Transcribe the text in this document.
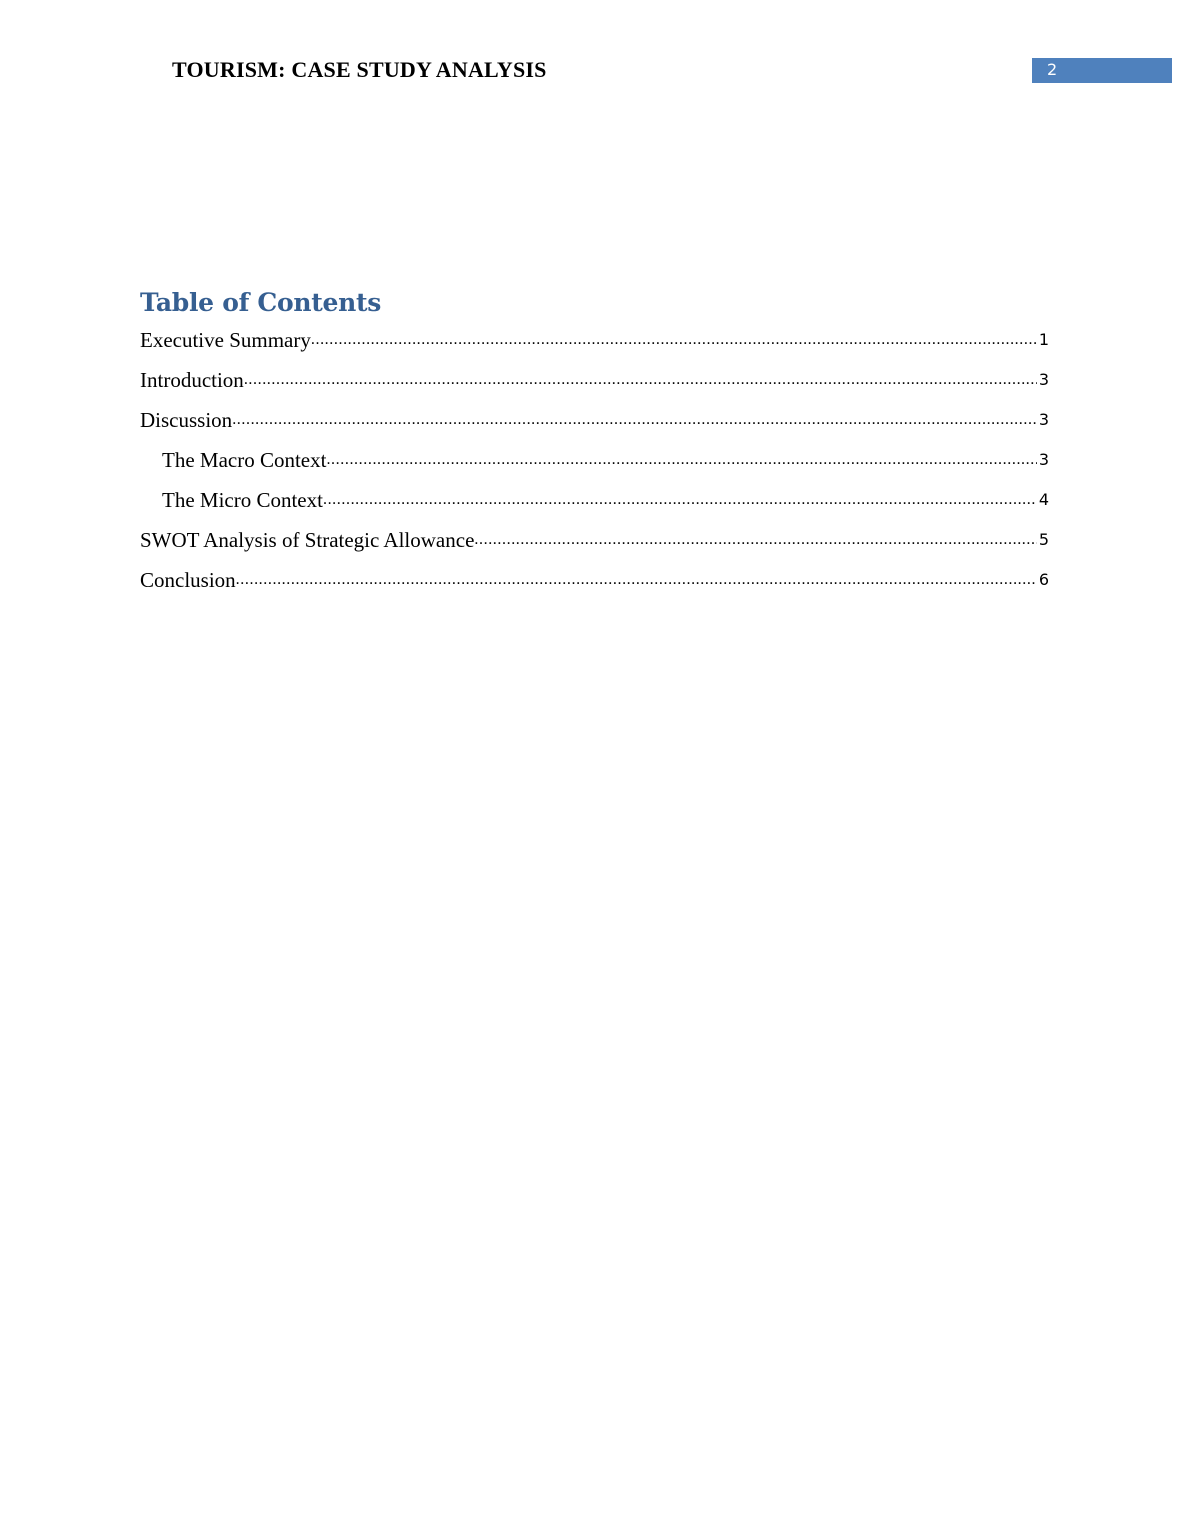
TOURISM: CASE STUDY ANALYSIS	2
Table of Contents
Executive Summary .....	1
Introduction .....	3
Discussion .....	3
The Macro Context .....	3
The Micro Context .....	4
SWOT Analysis of Strategic Allowance .....	5
Conclusion .....	6
